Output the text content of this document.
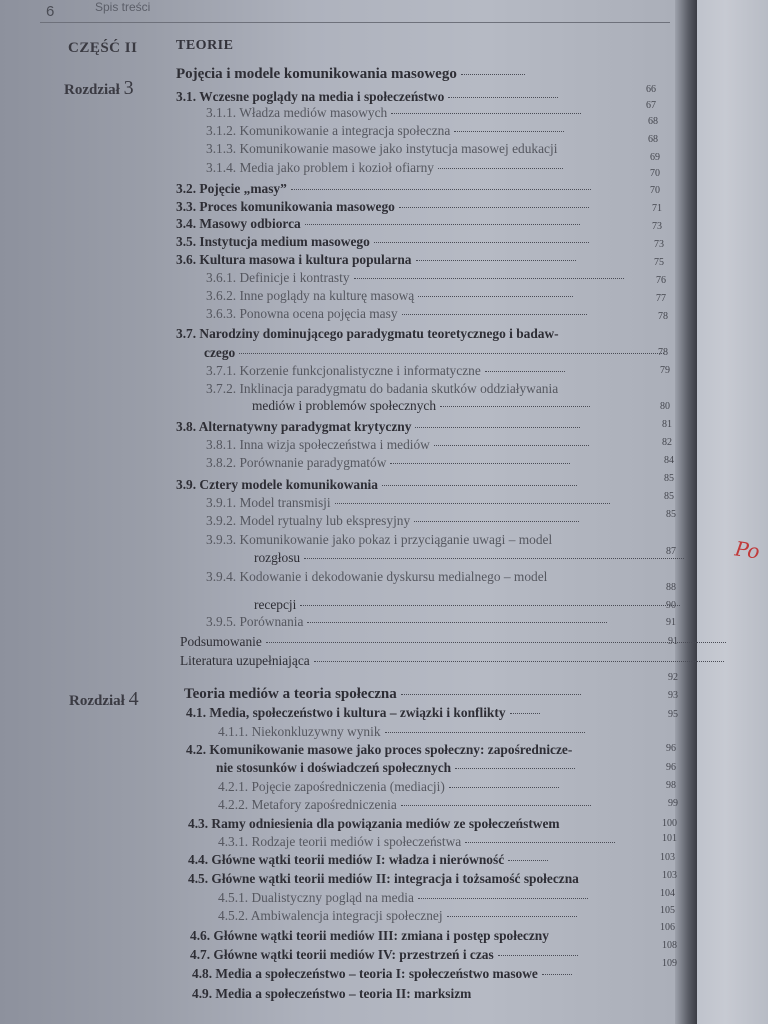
Po
6	Spis treści
CZĘŚĆ II	TEORIE
Rozdział 3
Rozdział 4
Pojęcia i modele komunikowania masowego
Teoria mediów a teoria społeczna
3.1. Wczesne poglądy na media i społeczeństwo
3.1.1. Władza mediów masowych
3.1.2. Komunikowanie a integracja społeczna
3.1.3. Komunikowanie masowe jako instytucja masowej edukacji
3.1.4. Media jako problem i kozioł ofiarny
3.2. Pojęcie „masy”
3.3. Proces komunikowania masowego
3.4. Masowy odbiorca
3.5. Instytucja medium masowego
3.6. Kultura masowa i kultura popularna
3.6.1. Definicje i kontrasty
3.6.2. Inne poglądy na kulturę masową
3.6.3. Ponowna ocena pojęcia masy
3.7. Narodziny dominującego paradygmatu teoretycznego i badaw-
czego
3.7.1. Korzenie funkcjonalistyczne i informatyczne
3.7.2. Inklinacja paradygmatu do badania skutków oddziaływania
mediów i problemów społecznych
3.8. Alternatywny paradygmat krytyczny
3.8.1. Inna wizja społeczeństwa i mediów
3.8.2. Porównanie paradygmatów
3.9. Cztery modele komunikowania
3.9.1. Model transmisji
3.9.2. Model rytualny lub ekspresyjny
3.9.3. Komunikowanie jako pokaz i przyciąganie uwagi – model
rozgłosu
3.9.4. Kodowanie i dekodowanie dyskursu medialnego – model
recepcji
3.9.5. Porównania
Podsumowanie
Literatura uzupełniająca
66
67
68
68
69
70
70
71
73
73
75
76
77
78
78
79
80
81
82
84
85
85
85
87
88
90
91
91
4.1. Media, społeczeństwo i kultura – związki i konflikty
4.1.1. Niekonkluzywny wynik
4.2. Komunikowanie masowe jako proces społeczny: zapośrednicze-
nie stosunków i doświadczeń społecznych
4.2.1. Pojęcie zapośredniczenia (mediacji)
4.2.2. Metafory zapośredniczenia
4.3. Ramy odniesienia dla powiązania mediów ze społeczeństwem
4.3.1. Rodzaje teorii mediów i społeczeństwa
4.4. Główne wątki teorii mediów I: władza i nierówność
4.5. Główne wątki teorii mediów II: integracja i tożsamość społeczna
4.5.1. Dualistyczny pogląd na media
4.5.2. Ambiwalencja integracji społecznej
4.6. Główne wątki teorii mediów III: zmiana i postęp społeczny
4.7. Główne wątki teorii mediów IV: przestrzeń i czas
4.8. Media a społeczeństwo – teoria I: społeczeństwo masowe
4.9. Media a społeczeństwo – teoria II: marksizm
92
93
95
96
96
98
99
100
101
103
103
104
105
106
108
109
